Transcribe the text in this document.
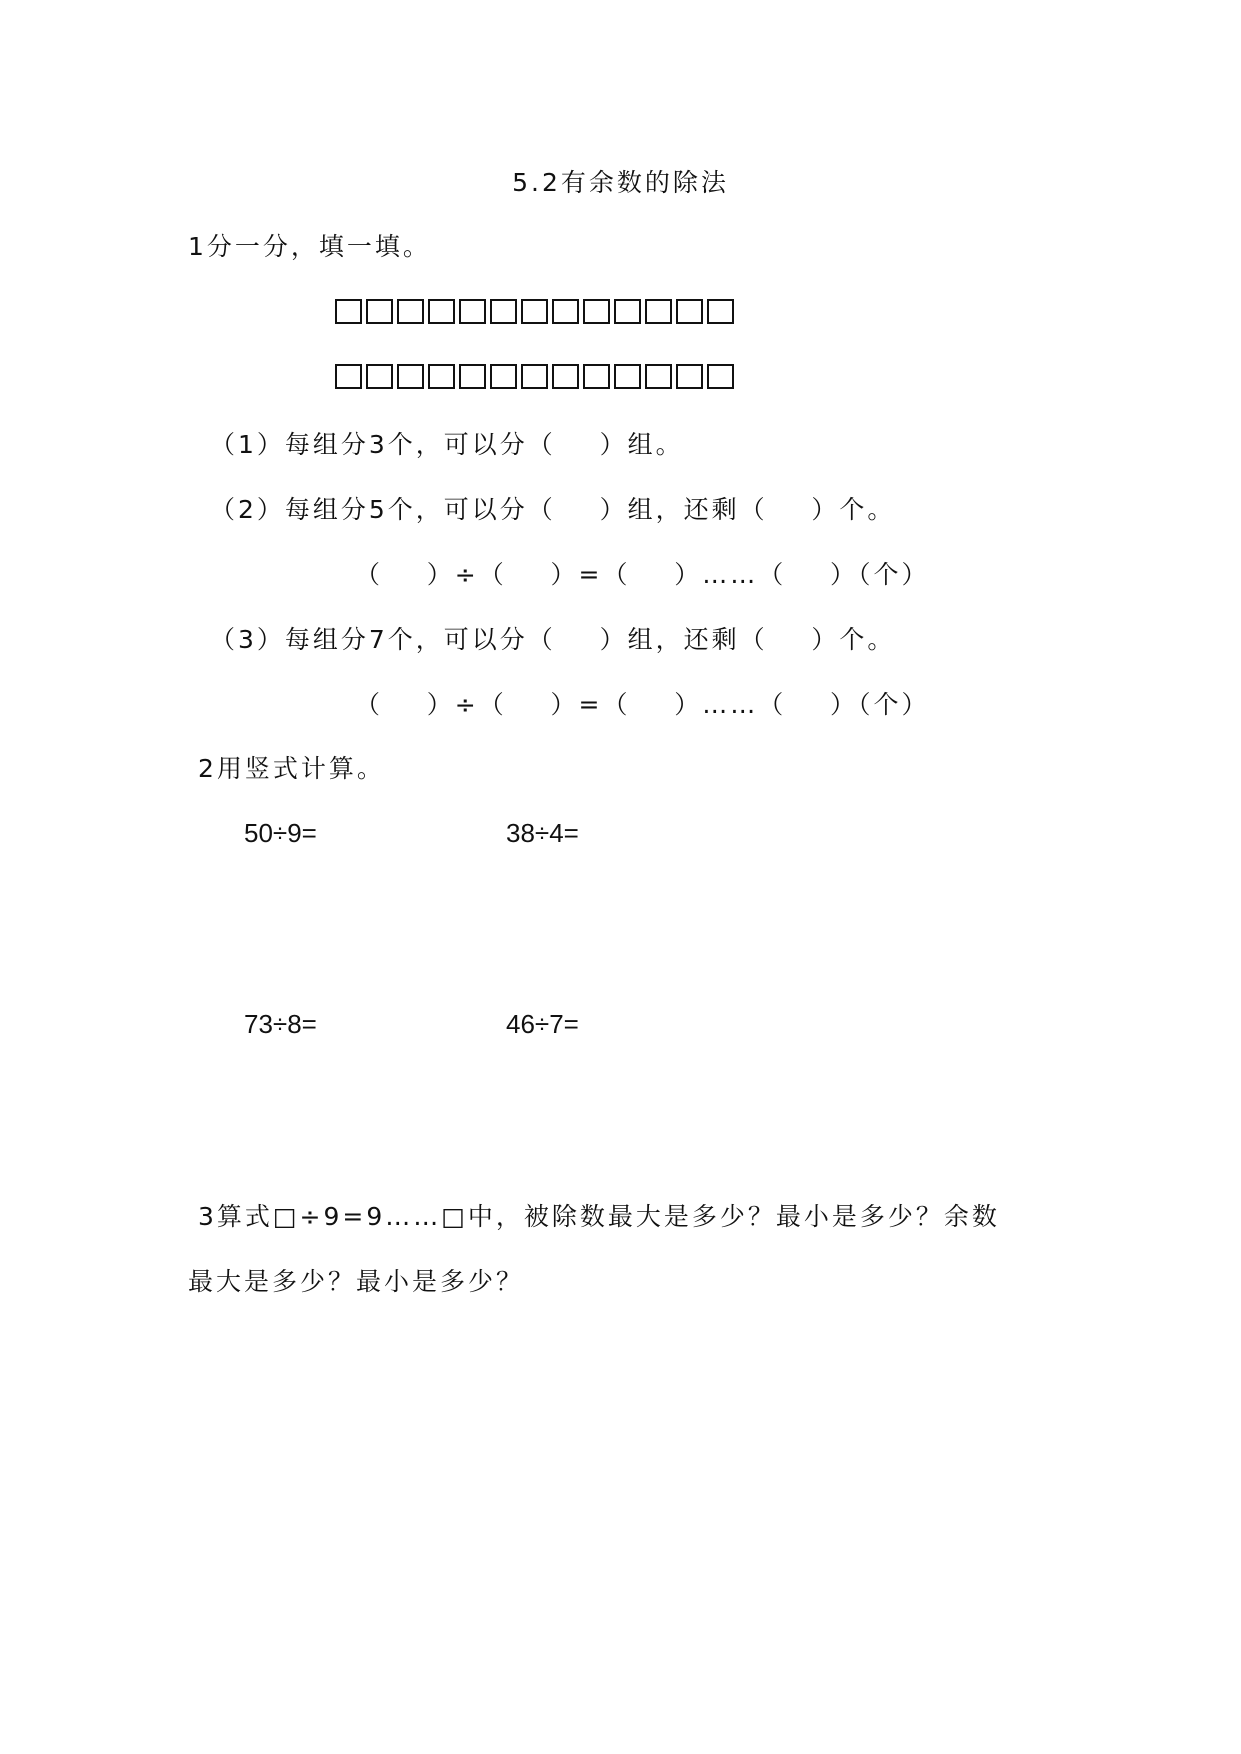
5.2有余数的除法
1分一分，填一填。
（1）每组分3个，可以分（    ）组。
（2）每组分5个，可以分（    ）组，还剩（    ）个。
（    ）÷（    ）=（    ）……（    ）（个）
（3）每组分7个，可以分（    ）组，还剩（    ）个。
（    ）÷（    ）=（    ）……（    ）（个）
2用竖式计算。
50÷9=	38÷4=
73÷8=	46÷7=
3算式□÷9=9……□中，被除数最大是多少？最小是多少？余数
最大是多少？最小是多少？
